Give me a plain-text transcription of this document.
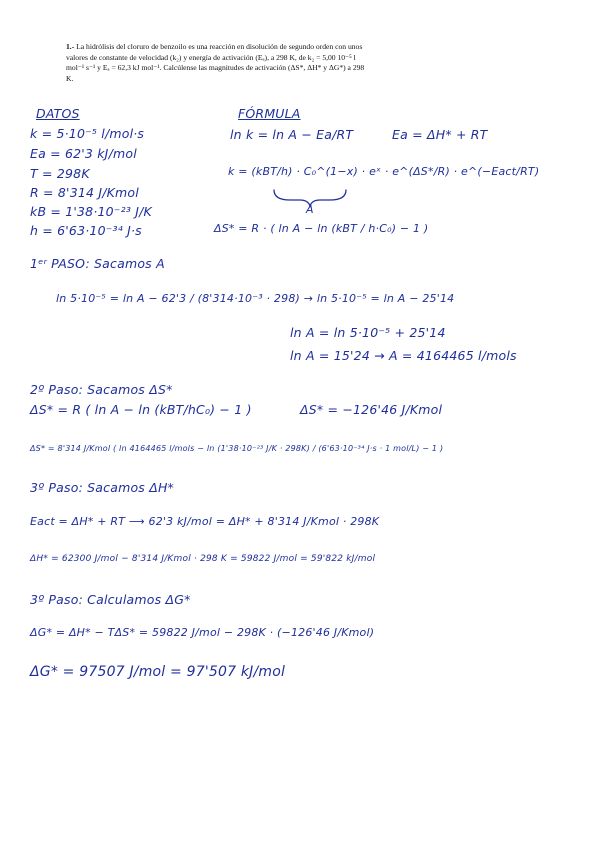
1.- La hidrólisis del cloruro de benzoilo es una reacción en disolución de segundo orden con unos valores de constante de velocidad (k₂) y energía de activación (Eₐ), a 298 K, de k₂ = 5,00 10⁻⁵ l mol⁻¹ s⁻¹ y Eₐ = 62,3 kJ mol⁻¹. Calcúlense las magnitudes de activación (ΔS*, ΔH* y ΔG*) a 298 K.
DATOS
k = 5·10⁻⁵ l/mol·s
Ea = 62'3 kJ/mol
T = 298K
R = 8'314 J/Kmol
kB = 1'38·10⁻²³ J/K
h = 6'63·10⁻³⁴ J·s
FÓRMULA
ln k = ln A − Ea/RT	Ea = ΔH* + RT
k = (kBT/h) · C₀^(1−x) · eˣ · e^(ΔS*/R) · e^(−Eact/RT)
A
ΔS* = R · ( ln A − ln (kBT / h·C₀) − 1 )
1ᵉʳ PASO: Sacamos A
ln 5·10⁻⁵ = ln A − 62'3 / (8'314·10⁻³ · 298) → ln 5·10⁻⁵ = ln A − 25'14
ln A = ln 5·10⁻⁵ + 25'14
ln A = 15'24 → A = 4164465 l/mols
2º Paso: Sacamos ΔS*
ΔS* = R ( ln A − ln (kBT/hC₀) − 1 )	ΔS* = −126'46 J/Kmol
ΔS* = 8'314 J/Kmol ( ln 4164465 l/mols − ln (1'38·10⁻²³ J/K · 298K) / (6'63·10⁻³⁴ J·s · 1 mol/L) − 1 )
3º Paso: Sacamos ΔH*
Eact = ΔH* + RT ⟶ 62'3 kJ/mol = ΔH* + 8'314 J/Kmol · 298K
ΔH* = 62300 J/mol − 8'314 J/Kmol · 298 K = 59822 J/mol = 59'822 kJ/mol
3º Paso: Calculamos ΔG*
ΔG* = ΔH* − TΔS* = 59822 J/mol − 298K · (−126'46 J/Kmol)
ΔG* = 97507 J/mol = 97'507 kJ/mol
